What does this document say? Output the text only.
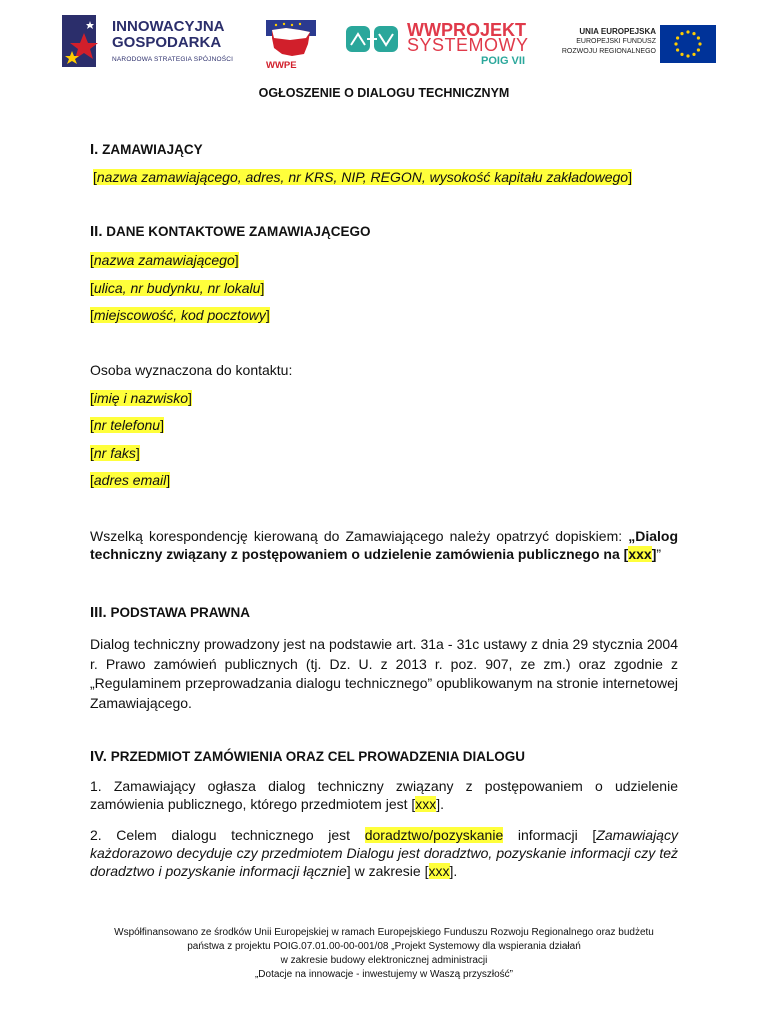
INNOWACYJNA
GOSPODARKA
NARODOWA STRATEGIA SPÓJNOŚCI
WWPE
WWPROJEKT
SYSTEMOWY
POIG VII
UNIA EUROPEJSKA
EUROPEJSKI FUNDUSZ
ROZWOJU REGIONALNEGO
OGŁOSZENIE O DIALOGU TECHNICZNYM
I. ZAMAWIAJĄCY
[nazwa zamawiającego, adres, nr KRS, NIP, REGON, wysokość kapitału zakładowego]
II. DANE KONTAKTOWE ZAMAWIAJĄCEGO
[nazwa zamawiającego]
[ulica, nr budynku, nr lokalu]
[miejscowość, kod pocztowy]
Osoba wyznaczona do kontaktu:
[imię i nazwisko]
[nr telefonu]
[nr faks]
[adres email]

Wszelką korespondencję kierowaną do Zamawiającego należy opatrzyć dopiskiem: „Dialog techniczny związany z postępowaniem o udzielenie zamówienia publicznego na [xxx]”

III. PODSTAWA PRAWNA

Dialog techniczny prowadzony jest na podstawie art. 31a - 31c ustawy z dnia 29 stycznia 2004 r. Prawo zamówień publicznych (tj. Dz. U. z 2013 r. poz. 907, ze zm.) oraz zgodnie z „Regulaminem przeprowadzania dialogu technicznego” opublikowanym na stronie internetowej Zamawiającego.

IV. PRZEDMIOT ZAMÓWIENIA ORAZ CEL PROWADZENIA DIALOGU

1. Zamawiający ogłasza dialog techniczny związany z postępowaniem o udzielenie zamówienia publicznego, którego przedmiotem jest [xxx].

2. Celem dialogu technicznego jest doradztwo/pozyskanie informacji [Zamawiający każdorazowo decyduje czy przedmiotem Dialogu jest doradztwo, pozyskanie informacji czy też doradztwo i pozyskanie informacji łącznie] w zakresie [xxx].

Współfinansowano ze środków Unii Europejskiej w ramach Europejskiego Funduszu Rozwoju Regionalnego oraz budżetu
państwa z projektu POIG.07.01.00-00-001/08 „Projekt Systemowy dla wspierania działań
w zakresie budowy elektronicznej administracji
„Dotacje na innowacje - inwestujemy w Waszą przyszłość”
